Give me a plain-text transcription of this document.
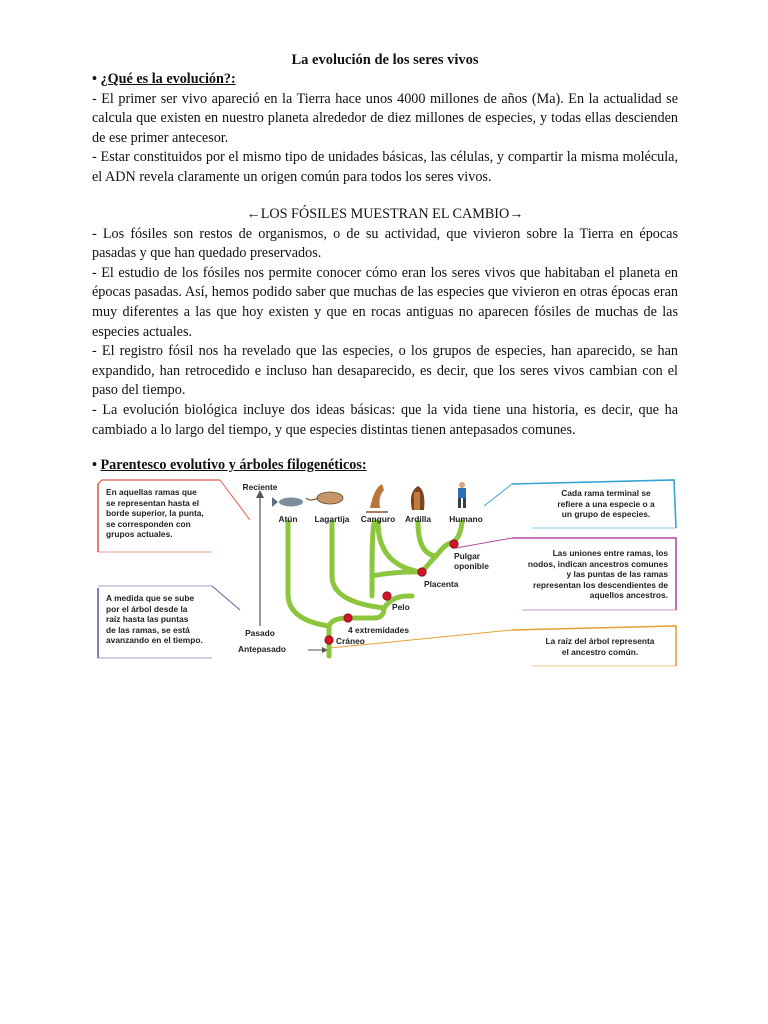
La evolución de los seres vivos

• ¿Qué es la evolución?:

- El primer ser vivo apareció en la Tierra hace unos 4000 millones de años (Ma). En la actualidad se calcula que existen en nuestro planeta alrededor de diez millones de especies, y todas ellas descienden de ese primer antecesor.

- Estar constituidos por el mismo tipo de unidades básicas, las células, y compartir la misma molécula, el ADN revela claramente un origen común para todos los seres vivos.

←LOS FÓSILES MUESTRAN EL CAMBIO→

- Los fósiles son restos de organismos, o de su actividad, que vivieron sobre la Tierra en épocas pasadas y que han quedado preservados.

- El estudio de los fósiles nos permite conocer cómo eran los seres vivos que habitaban el planeta en épocas pasadas. Así, hemos podido saber que muchas de las especies que vivieron en otras épocas eran muy diferentes a las que hoy existen y que en rocas antiguas no aparecen fósiles de muchas de las especies actuales.

- El registro fósil nos ha revelado que las especies, o los grupos de especies, han aparecido, se han expandido, han retrocedido e incluso han desaparecido, es decir, que los seres vivos cambian con el paso del tiempo.

- La evolución biológica incluye dos ideas básicas: que la vida tiene una historia, es decir, que ha cambiado a lo largo del tiempo, y que especies distintas tienen antepasados comunes.

• Parentesco evolutivo y árboles filogenéticos:

Reciente
Pasado
Antepasado
Atún Lagartija Canguro Ardilla Humano
Pulgar
oponible
Placenta
Pelo
4 extremidades
Cráneo
En aquellas ramas que
se representan hasta el
borde superior, la punta,
se corresponden con
grupos actuales.
A medida que se sube
por el árbol desde la
raíz hasta las puntas
de las ramas, se está
avanzando en el tiempo.
Cada rama terminal se
refiere a una especie o a
un grupo de especies.
Las uniones entre ramas, los
nodos, indican ancestros comunes
y las puntas de las ramas
representan los descendientes de
aquellos ancestros.
La raíz del árbol representa
el ancestro común.
